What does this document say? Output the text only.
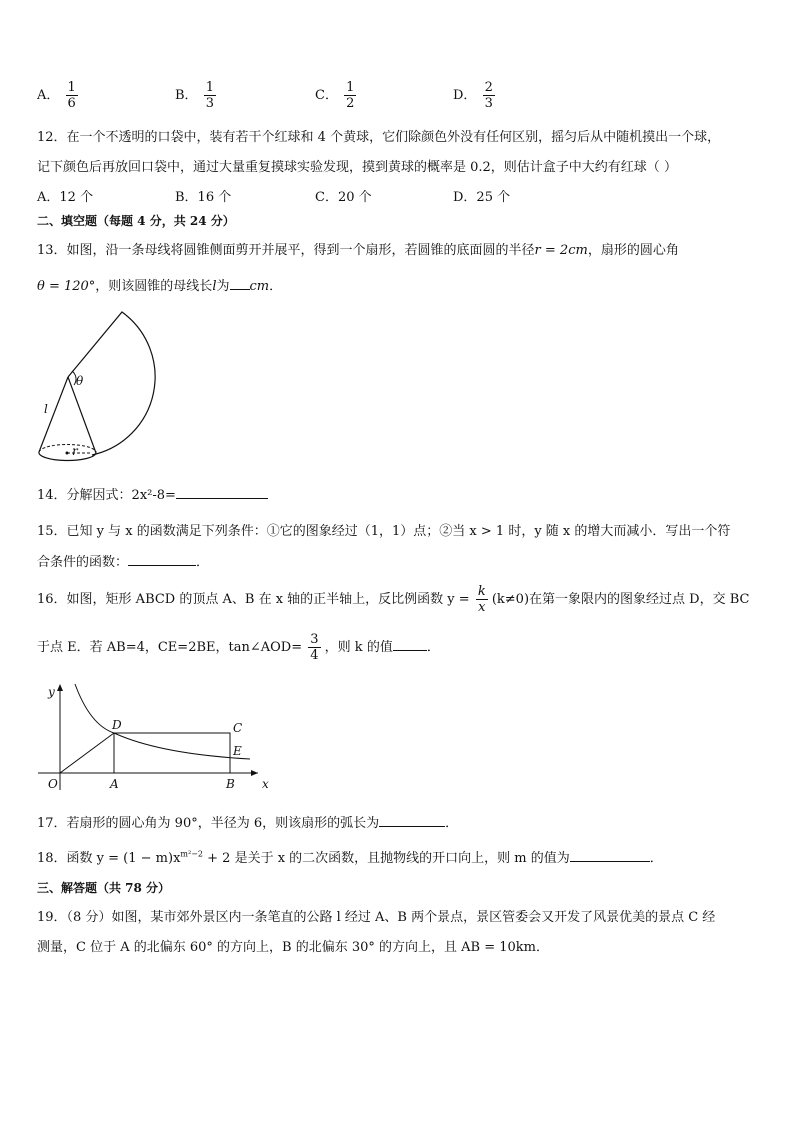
A． $\frac{1}{6}$	B． $\frac{1}{3}$	C． $\frac{1}{2}$	D． $\frac{2}{3}$
12．在一个不透明的口袋中，装有若干个红球和 4 个黄球，它们除颜色外没有任何区别，摇匀后从中随机摸出一个球，
记下颜色后再放回口袋中，通过大量重复摸球实验发现，摸到黄球的概率是 0.2，则估计盒子中大约有红球（ ）
A．12 个	B．16 个	C．20 个	D．25 个
二、填空题（每题 4 分，共 24 分）
13．如图，沿一条母线将圆锥侧面剪开并展平，得到一个扇形，若圆锥的底面圆的半径r = 2cm，扇形的圆心角
θ = 120°，则该圆锥的母线长l为 cm．
θ
l
r
14．分解因式：2x²-8=
15．已知 y 与 x 的函数满足下列条件：①它的图象经过（1，1）点；②当 x > 1 时，y 随 x 的增大而减小．写出一个符
合条件的函数：	．
16．如图，矩形 ABCD 的顶点 A、B 在 x 轴的正半轴上，反比例函数 $y = \frac{k}{x} (k\ne 0)$在第一象限内的图象经过点 D，交 BC
于点 E．若 AB=4，CE=2BE，tan∠AOD= $\frac{3}{4}$ ，则 k 的值	．
y
x
O	A	B
C
D
E
17．若扇形的圆心角为 90°，半径为 6，则该扇形的弧长为	．
18．函数 $y = (1 - m)x^{m^2-2} + 2$ 是关于 x 的二次函数，且抛物线的开口向上，则 m 的值为	．
三、解答题（共 78 分）
19．（8 分）如图，某市郊外景区内一条笔直的公路 l 经过 A、B 两个景点，景区管委会又开发了风景优美的景点 C 经
测量，C 位于 A 的北偏东 60° 的方向上，B 的北偏东 30° 的方向上，且 AB = 10km．
